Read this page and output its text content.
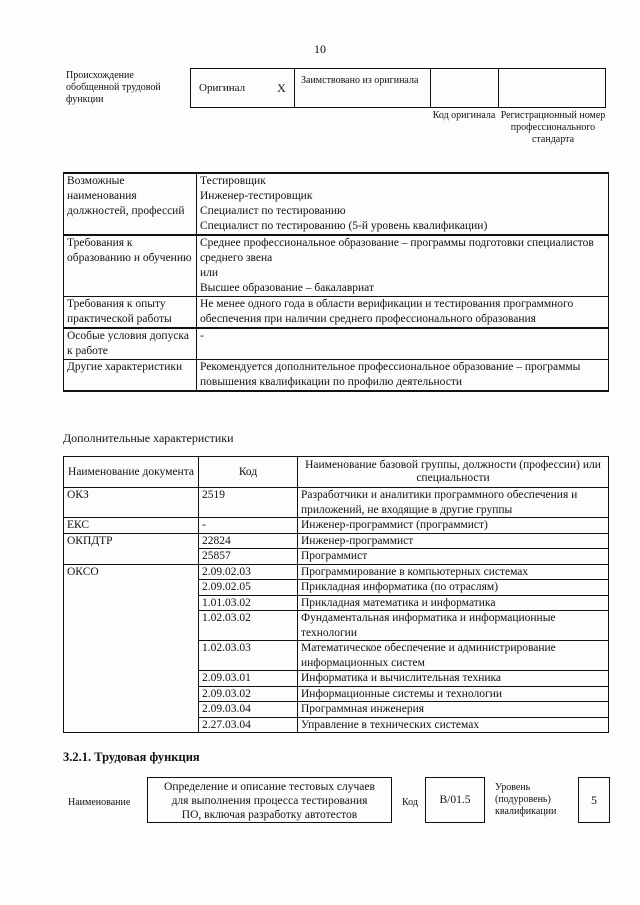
10
Происхождение обобщенной трудовой функции
Оригинал	X	Заимствовано из оригинала
Код оригинала Регистрационный номер профессионального стандарта
Возможные наименования должностей, профессий	Тестировщик
Инженер-тестировщик
Специалист по тестированию
Специалист по тестированию (5-й уровень квалификации)

Требования к образованию и обучению	Среднее профессиональное образование – программы подготовки специалистов среднего звена
или
Высшее образование – бакалавриат

Требования к опыту практической работы	Не менее одного года в области верификации и тестирования программного обеспечения при наличии среднего профессионального образования

Особые условия допуска к работе	-

Другие характеристики	Рекомендуется дополнительное профессиональное образование – программы повышения квалификации по профилю деятельности
Дополнительные характеристики
Наименование документа	Код	Наименование базовой группы, должности (профессии) или специальности
ОКЗ	2519	Разработчики и аналитики программного обеспечения и приложений, не входящие в другие группы
ЕКС	-	Инженер-программист (программист)
ОКПДТР	22824	Инженер-программист
	25857	Программист
ОКСО	2.09.02.03	Программирование в компьютерных системах
	2.09.02.05	Прикладная информатика (по отраслям)
	1.01.03.02	Прикладная математика и информатика
	1.02.03.02	Фундаментальная информатика и информационные технологии
	1.02.03.03	Математическое обеспечение и администрирование информационных систем
	2.09.03.01	Информатика и вычислительная техника
	2.09.03.02	Информационные системы и технологии
	2.09.03.04	Программная инженерия
	2.27.03.04	Управление в технических системах
3.2.1. Трудовая функция
Наименование
Определение и описание тестовых случаев
для выполнения процесса тестирования
ПО, включая разработку автотестов
Код	B/01.5
Уровень
(подуровень)
квалификации
5
